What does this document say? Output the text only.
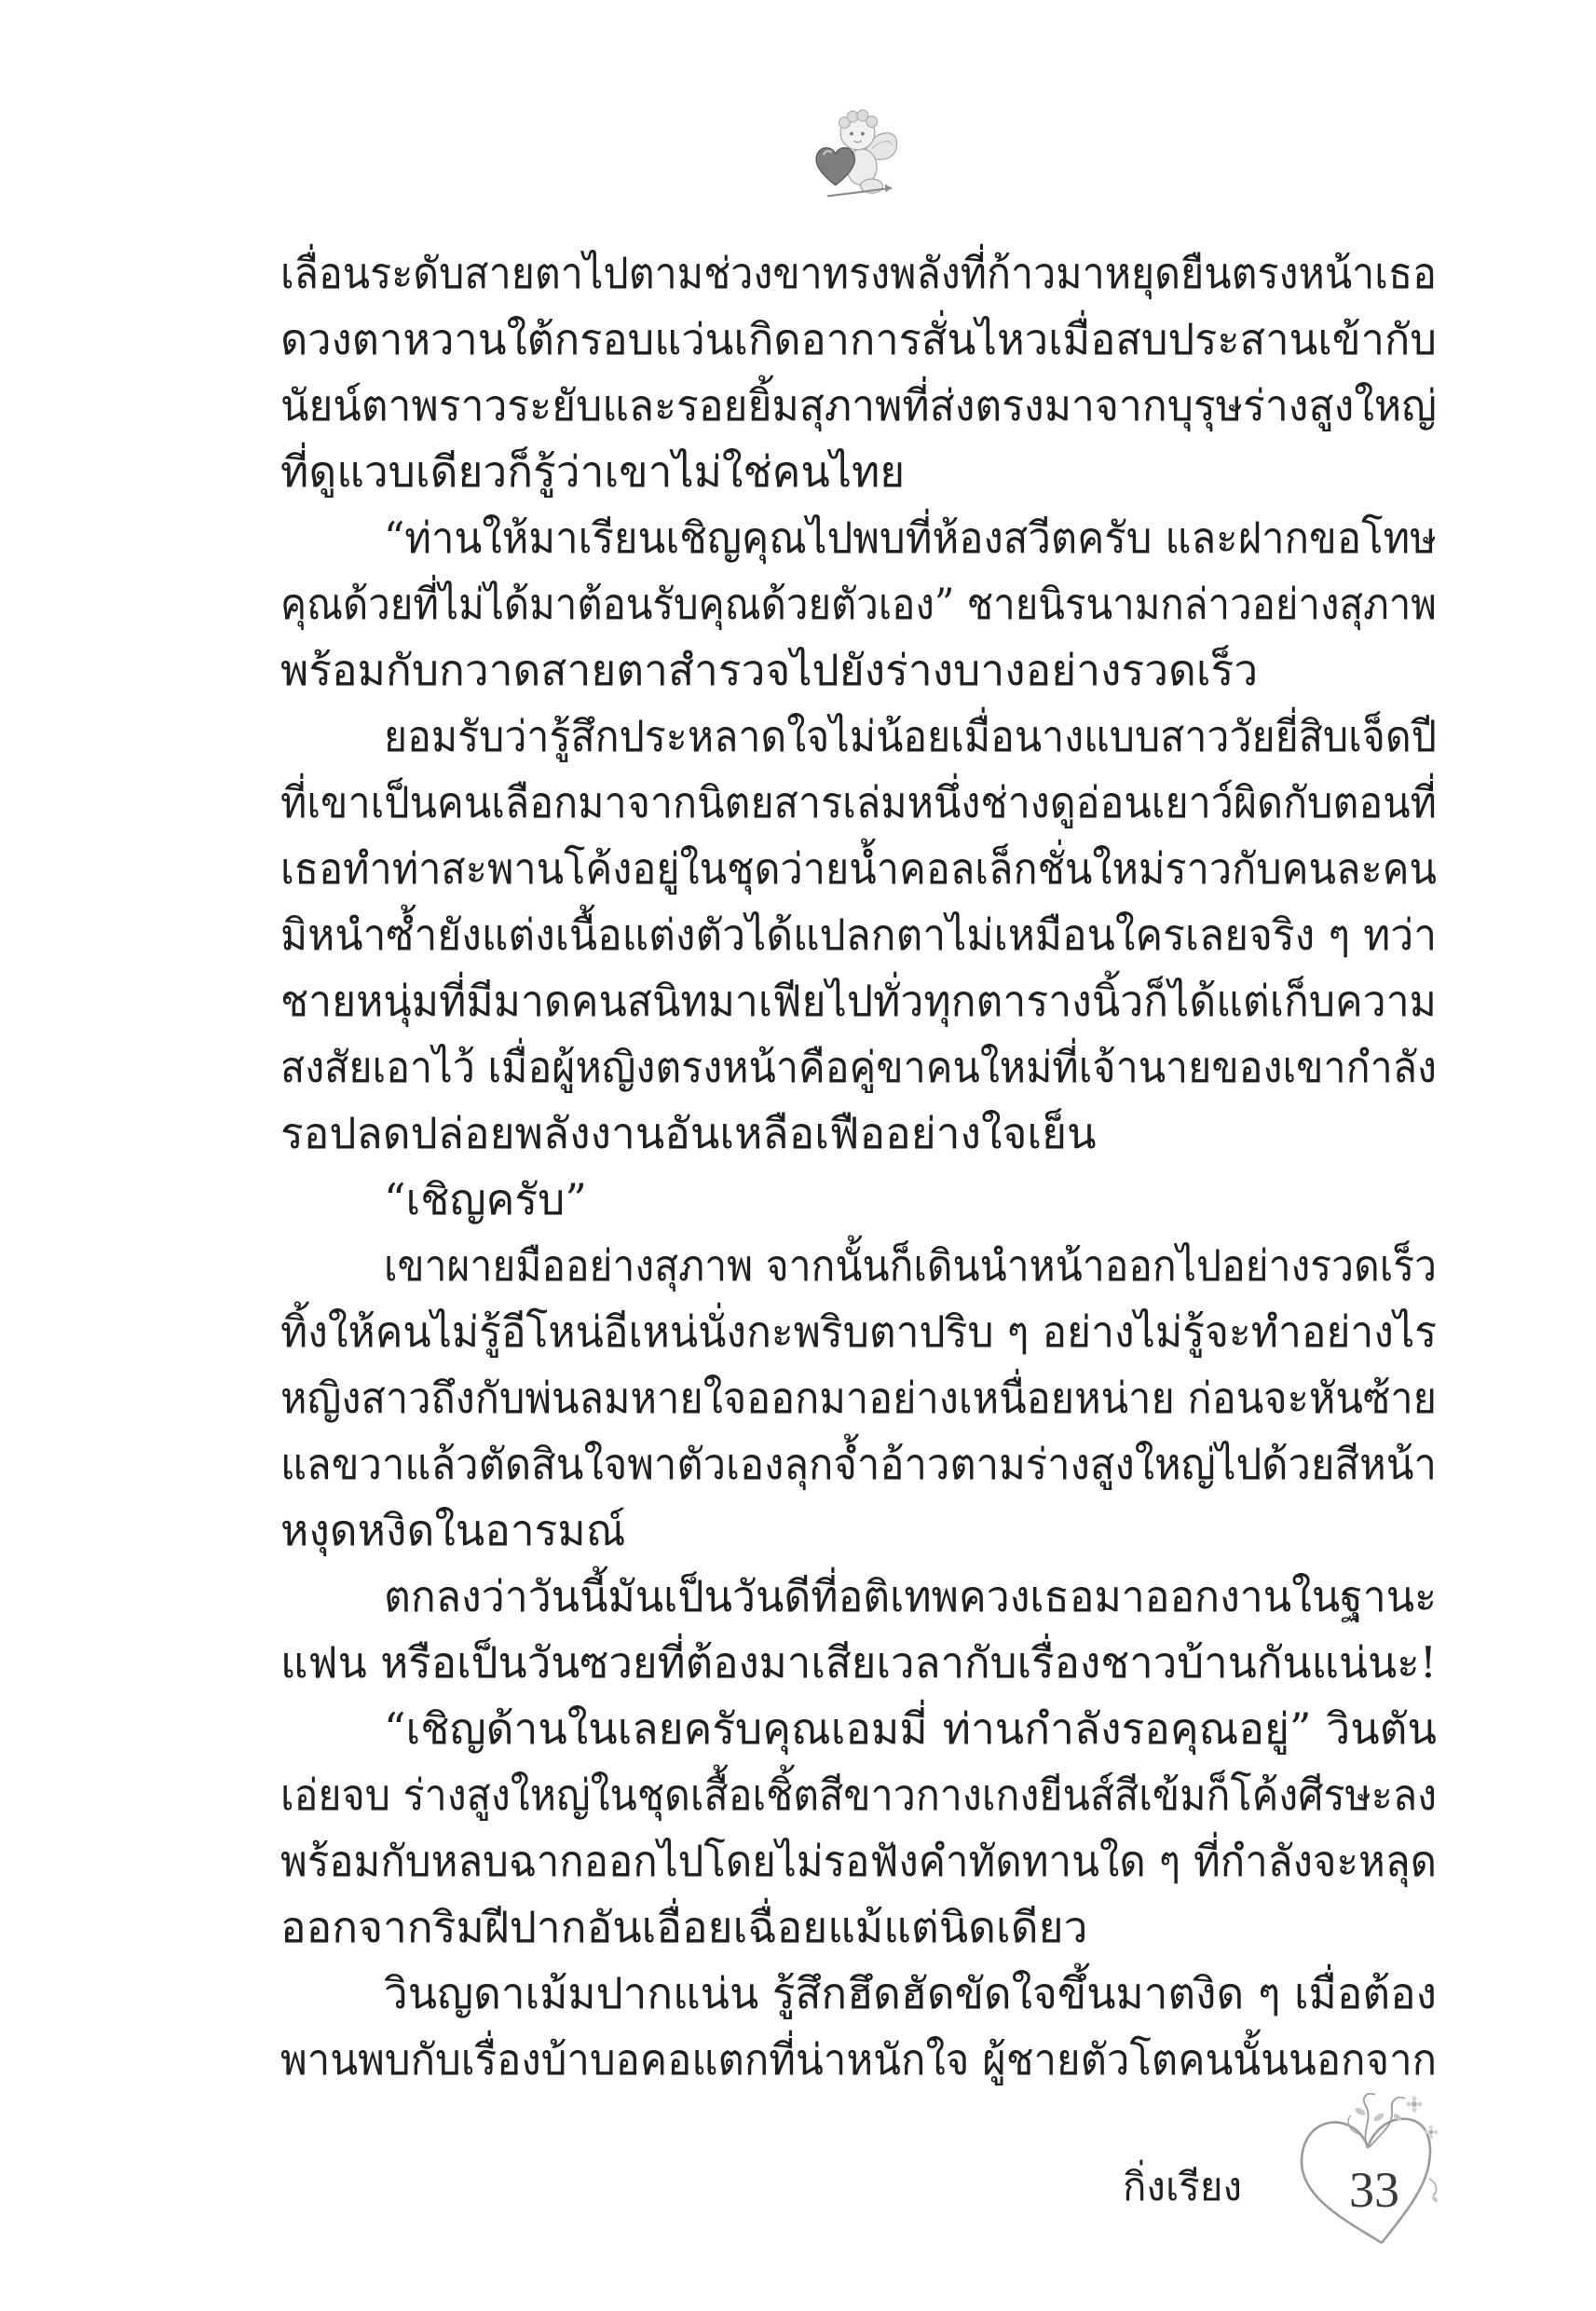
เลื่อนระดับสายตาไปตามช่วงขาทรงพลังที่ก้าวมาหยุดยืนตรงหน้าเธอ
ดวงตาหวานใต้กรอบแว่นเกิดอาการสั่นไหวเมื่อสบประสานเข้ากับ
นัยน์ตาพราวระยับและรอยยิ้มสุภาพที่ส่งตรงมาจากบุรุษร่างสูงใหญ่
ที่ดูแวบเดียวก็รู้ว่าเขาไม่ใช่คนไทย
“ท่านให้มาเรียนเชิญคุณไปพบที่ห้องสวีตครับ และฝากขอโทษ
คุณด้วยที่ไม่ได้มาต้อนรับคุณด้วยตัวเอง” ชายนิรนามกล่าวอย่างสุภาพ
พร้อมกับกวาดสายตาสำรวจไปยังร่างบางอย่างรวดเร็ว
ยอมรับว่ารู้สึกประหลาดใจไม่น้อยเมื่อนางแบบสาววัยยี่สิบเจ็ดปี
ที่เขาเป็นคนเลือกมาจากนิตยสารเล่มหนึ่งช่างดูอ่อนเยาว์ผิดกับตอนที่
เธอทำท่าสะพานโค้งอยู่ในชุดว่ายน้ำคอลเล็กชั่นใหม่ราวกับคนละคน
มิหนำซ้ำยังแต่งเนื้อแต่งตัวได้แปลกตาไม่เหมือนใครเลยจริง ๆ ทว่า
ชายหนุ่มที่มีมาดคนสนิทมาเฟียไปทั่วทุกตารางนิ้วก็ได้แต่เก็บความ
สงสัยเอาไว้ เมื่อผู้หญิงตรงหน้าคือคู่ขาคนใหม่ที่เจ้านายของเขากำลัง
รอปลดปล่อยพลังงานอันเหลือเฟืออย่างใจเย็น
“เชิญครับ”
เขาผายมืออย่างสุภาพ จากนั้นก็เดินนำหน้าออกไปอย่างรวดเร็ว
ทิ้งให้คนไม่รู้อีโหน่อีเหน่นั่งกะพริบตาปริบ ๆ อย่างไม่รู้จะทำอย่างไร
หญิงสาวถึงกับพ่นลมหายใจออกมาอย่างเหนื่อยหน่าย ก่อนจะหันซ้าย
แลขวาแล้วตัดสินใจพาตัวเองลุกจ้ำอ้าวตามร่างสูงใหญ่ไปด้วยสีหน้า
หงุดหงิดในอารมณ์
ตกลงว่าวันนี้มันเป็นวันดีที่อติเทพควงเธอมาออกงานในฐานะ
แฟน หรือเป็นวันซวยที่ต้องมาเสียเวลากับเรื่องชาวบ้านกันแน่นะ!
“เชิญด้านในเลยครับคุณเอมมี่ ท่านกำลังรอคุณอยู่” วินตัน
เอ่ยจบ ร่างสูงใหญ่ในชุดเสื้อเชิ้ตสีขาวกางเกงยีนส์สีเข้มก็โค้งศีรษะลง
พร้อมกับหลบฉากออกไปโดยไม่รอฟังคำทัดทานใด ๆ ที่กำลังจะหลุด
ออกจากริมฝีปากอันเอื่อยเฉื่อยแม้แต่นิดเดียว
วินญดาเม้มปากแน่น รู้สึกฮึดฮัดขัดใจขึ้นมาตงิด ๆ เมื่อต้อง
พานพบกับเรื่องบ้าบอคอแตกที่น่าหนักใจ ผู้ชายตัวโตคนนั้นนอกจาก
กิ่งเรียง 33
